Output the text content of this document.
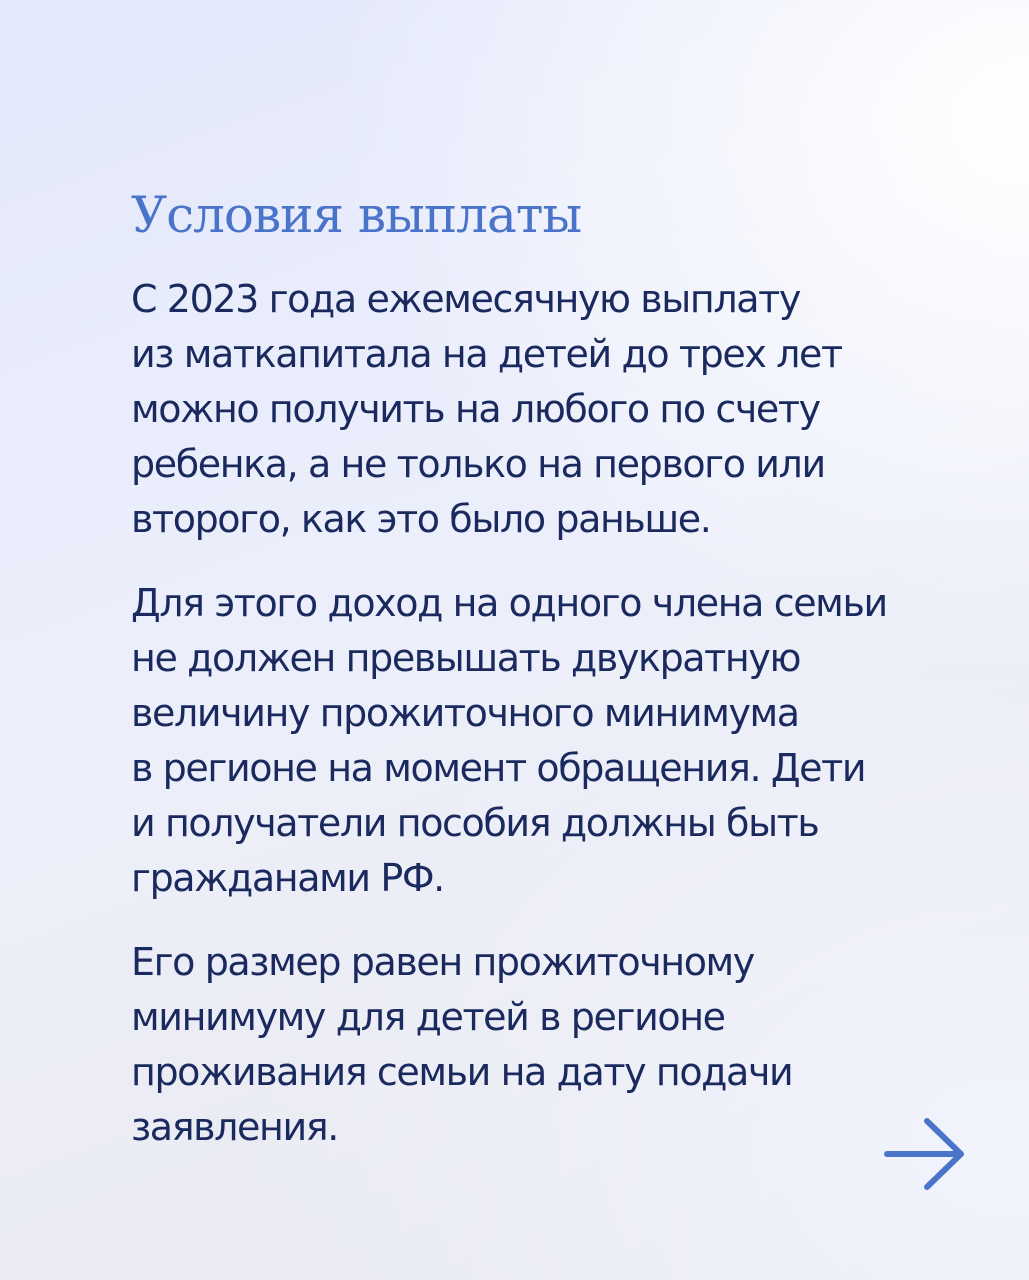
Условия выплаты

С 2023 года ежемесячную выплату
из маткапитала на детей до трех лет
можно получить на любого по счету
ребенка, а не только на первого или
второго, как это было раньше.

Для этого доход на одного члена семьи
не должен превышать двукратную
величину прожиточного минимума
в регионе на момент обращения. Дети
и получатели пособия должны быть
гражданами РФ.

Его размер равен прожиточному
минимуму для детей в регионе
проживания семьи на дату подачи
заявления.
